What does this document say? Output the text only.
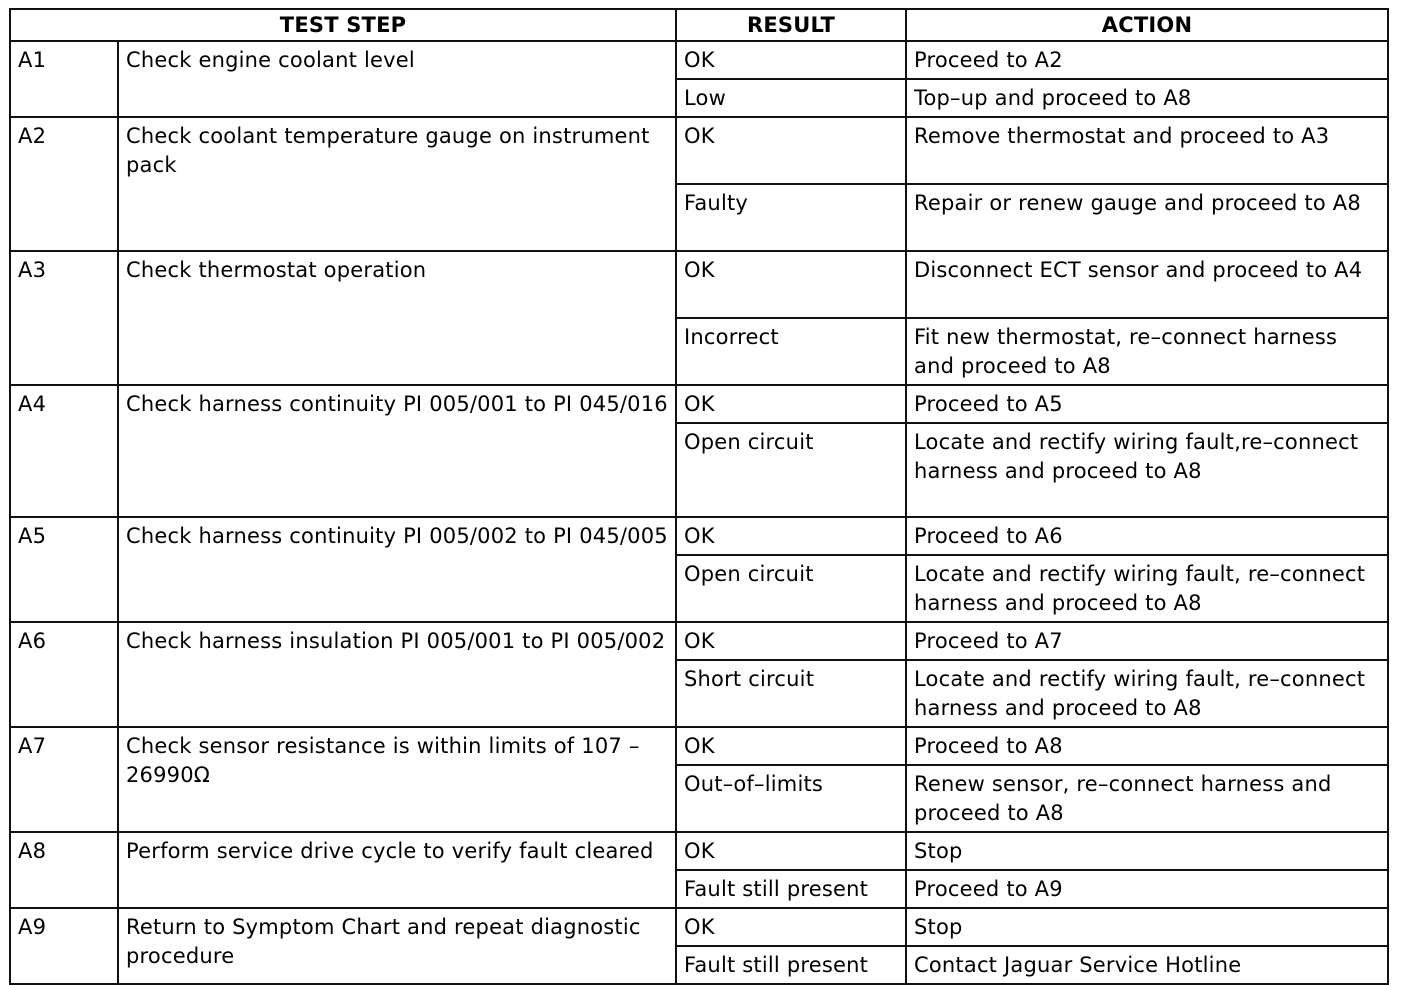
TEST STEP		RESULT	ACTION
A1	Check engine coolant level	OK	Proceed to A2
		Low	Top–up and proceed to A8
A2	Check coolant temperature gauge on instrument pack	OK	Remove thermostat and proceed to A3
		Faulty	Repair or renew gauge and proceed to A8
A3	Check thermostat operation	OK	Disconnect ECT sensor and proceed to A4
		Incorrect	Fit new thermostat, re–connect harness and proceed to A8
A4	Check harness continuity PI 005/001 to PI 045/016	OK	Proceed to A5
		Open circuit	Locate and rectify wiring fault,re–connect harness and proceed to A8
A5	Check harness continuity PI 005/002 to PI 045/005	OK	Proceed to A6
		Open circuit	Locate and rectify wiring fault, re–connect harness and proceed to A8
A6	Check harness insulation PI 005/001 to PI 005/002	OK	Proceed to A7
		Short circuit	Locate and rectify wiring fault, re–connect harness and proceed to A8
A7	Check sensor resistance is within limits of 107 – 26990Ω	OK	Proceed to A8
		Out–of–limits	Renew sensor, re–connect harness and proceed to A8
A8	Perform service drive cycle to verify fault cleared	OK	Stop
		Fault still present	Proceed to A9
A9	Return to Symptom Chart and repeat diagnostic procedure	OK	Stop
		Fault still present	Contact Jaguar Service Hotline
